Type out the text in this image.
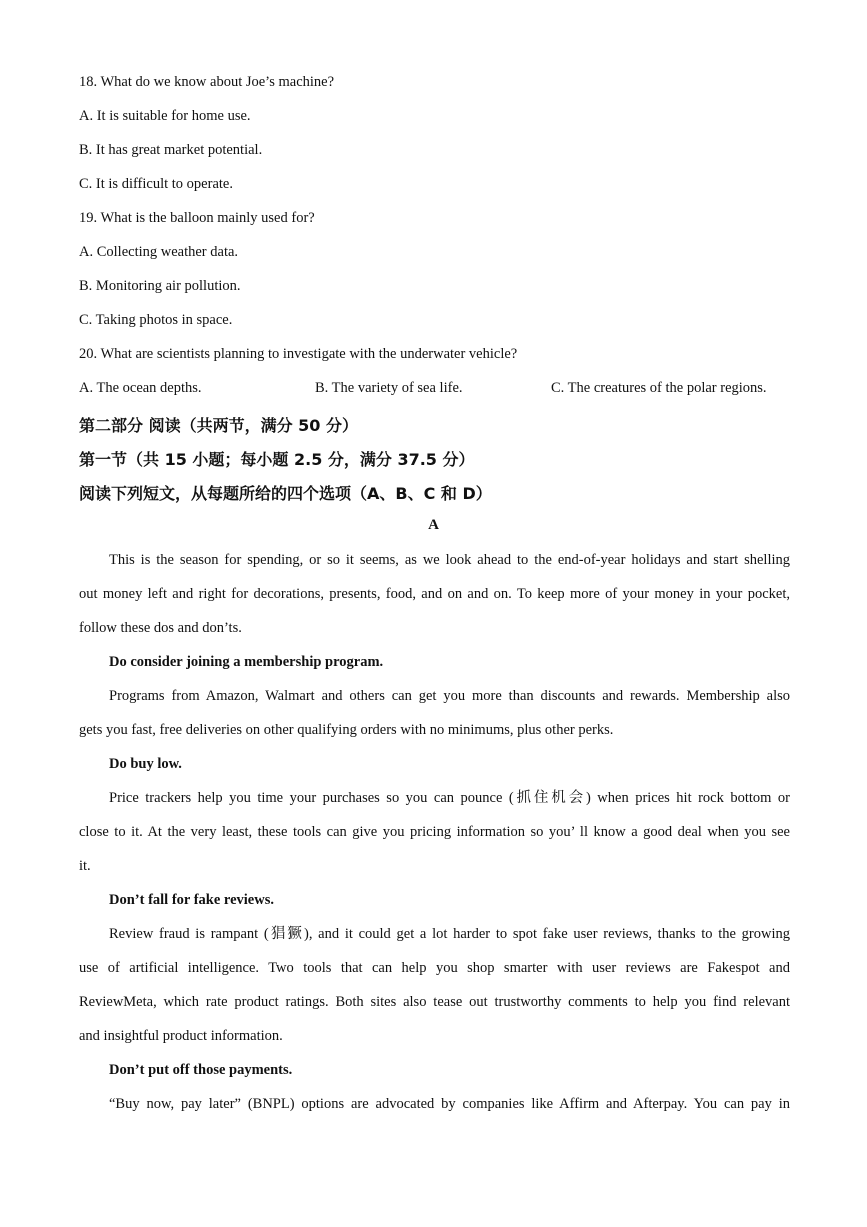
18. What do we know about Joe’s machine?
A. It is suitable for home use.
B. It has great market potential.
C. It is difficult to operate.
19. What is the balloon mainly used for?
A. Collecting weather data.
B. Monitoring air pollution.
C. Taking photos in space.
20. What are scientists planning to investigate with the underwater vehicle?
A. The ocean depths.	B. The variety of sea life.	C. The creatures of the polar regions.
第二部分 阅读（共两节，满分 50 分）
第一节（共 15 小题；每小题 2.5 分，满分 37.5 分）
阅读下列短文，从每题所给的四个选项（A、B、C 和 D）
A

This is the season for spending, or so it seems, as we look ahead to the end-of-year holidays and start shelling

out money left and right for decorations, presents, food, and on and on. To keep more of your money in your pocket,

follow these dos and don’ts.

Do consider joining a membership program.

Programs from Amazon, Walmart and others can get you more than discounts and rewards. Membership also

gets you fast, free deliveries on other qualifying orders with no minimums, plus other perks.

Do buy low.

Price trackers help you time your purchases so you can pounce (抓住机会) when prices hit rock bottom or

close to it. At the very least, these tools can give you pricing information so you’ ll know a good deal when you see

it.

Don’t fall for fake reviews.

Review fraud is rampant (猖獗), and it could get a lot harder to spot fake user reviews, thanks to the growing

use of artificial intelligence. Two tools that can help you shop smarter with user reviews are Fakespot and

ReviewMeta, which rate product ratings. Both sites also tease out trustworthy comments to help you find relevant

and insightful product information.

Don’t put off those payments.

“Buy now, pay later” (BNPL) options are advocated by companies like Affirm and Afterpay. You can pay in
